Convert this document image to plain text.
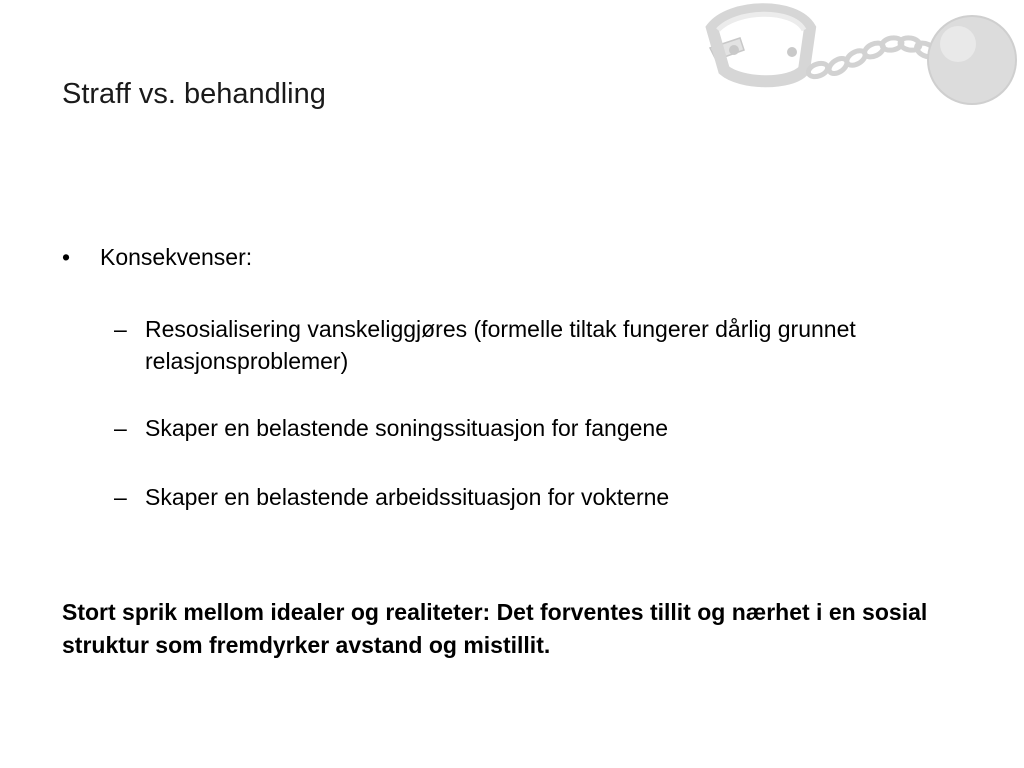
Straff vs. behandling
• Konsekvenser:
– Resosialisering vanskeliggjøres (formelle tiltak fungerer dårlig grunnet relasjonsproblemer)
– Skaper en belastende soningssituasjon for fangene
– Skaper en belastende arbeidssituasjon for vokterne
Stort sprik mellom idealer og realiteter: Det forventes tillit og nærhet i en sosial struktur som fremdyrker avstand og mistillit.
